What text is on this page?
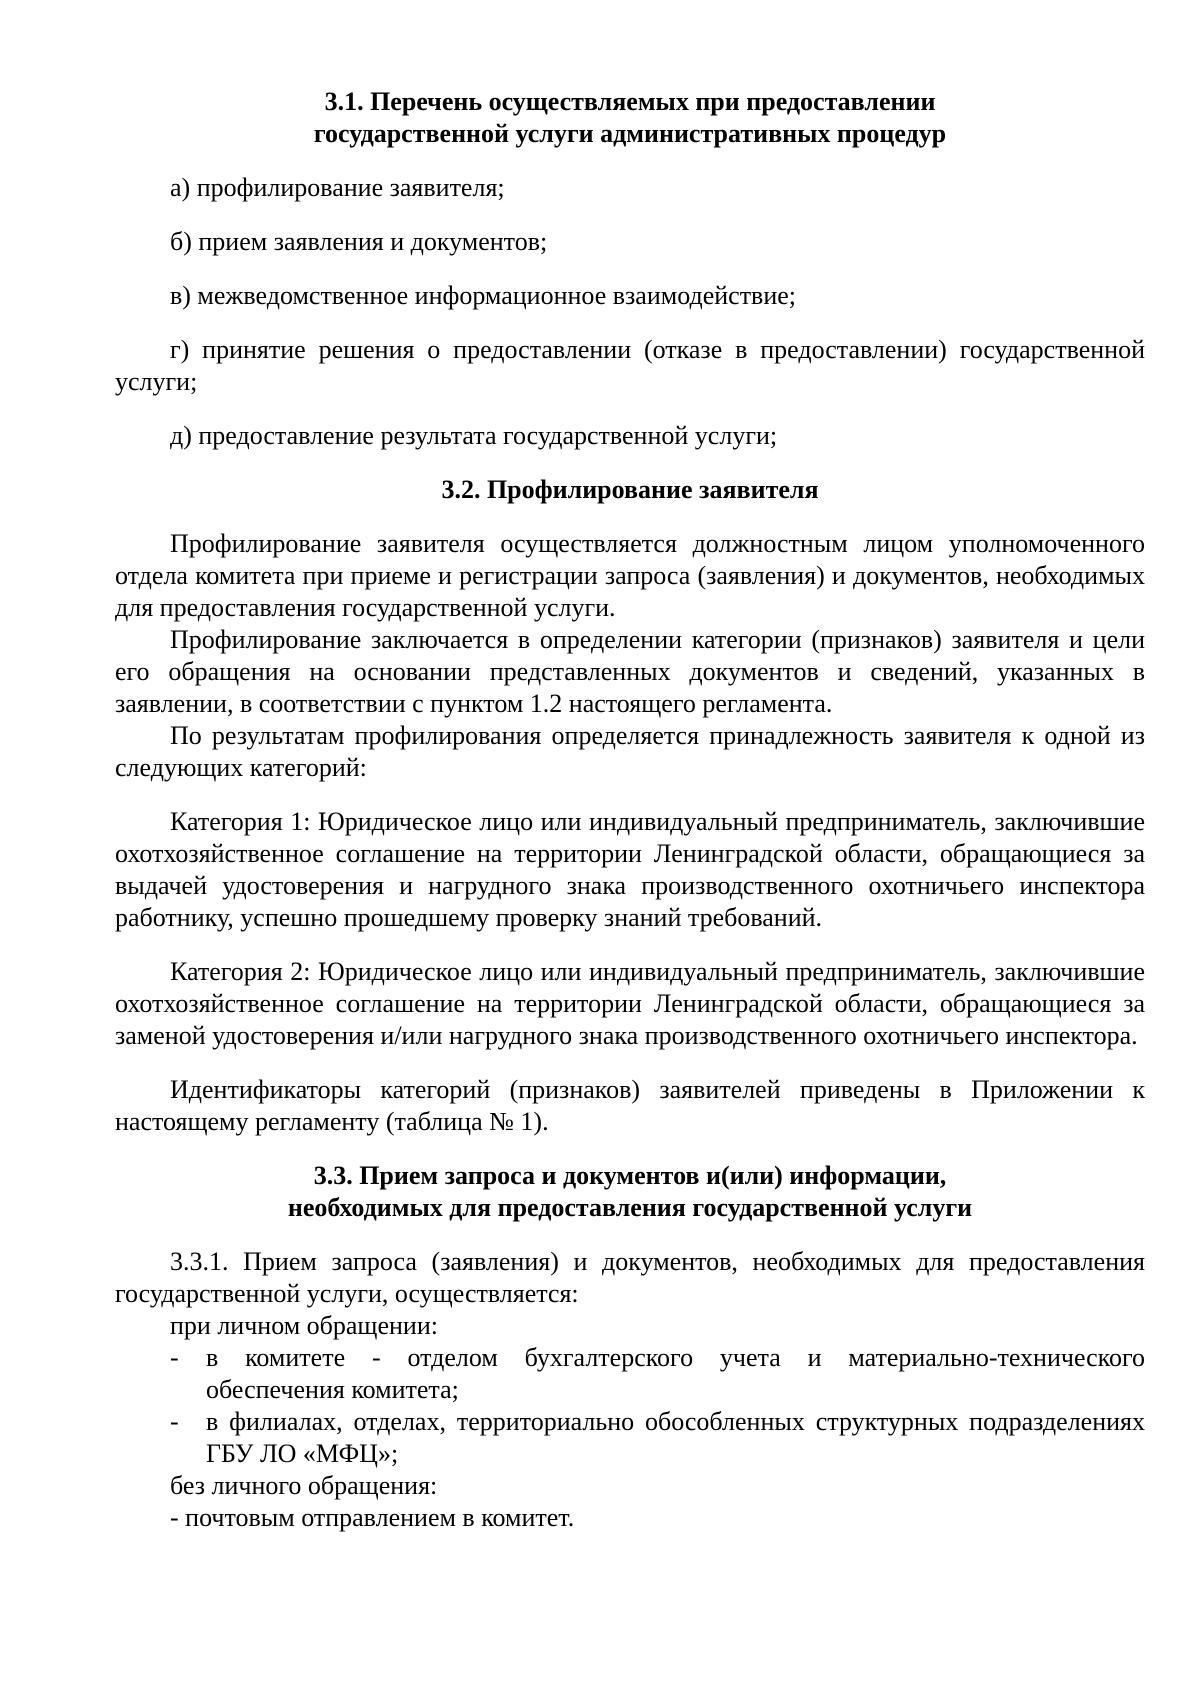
3.1. Перечень осуществляемых при предоставлении
государственной услуги административных процедур

а) профилирование заявителя;

б) прием заявления и документов;

в) межведомственное информационное взаимодействие;

г) принятие решения о предоставлении (отказе в предоставлении) государственной услуги;

д) предоставление результата государственной услуги;

3.2. Профилирование заявителя

Профилирование заявителя осуществляется должностным лицом уполномоченного отдела комитета при приеме и регистрации запроса (заявления) и документов, необходимых для предоставления государственной услуги.

Профилирование заключается в определении категории (признаков) заявителя и цели его обращения на основании представленных документов и сведений, указанных в заявлении, в соответствии с пунктом 1.2 настоящего регламента.

По результатам профилирования определяется принадлежность заявителя к одной из следующих категорий:

Категория 1: Юридическое лицо или индивидуальный предприниматель, заключившие охотхозяйственное соглашение на территории Ленинградской области, обращающиеся за выдачей удостоверения и нагрудного знака производственного охотничьего инспектора работнику, успешно прошедшему проверку знаний требований.

Категория 2: Юридическое лицо или индивидуальный предприниматель, заключившие охотхозяйственное соглашение на территории Ленинградской области, обращающиеся за заменой удостоверения и/или нагрудного знака производственного охотничьего инспектора.

Идентификаторы категорий (признаков) заявителей приведены в Приложении к настоящему регламенту (таблица № 1).

3.3. Прием запроса и документов и(или) информации,
необходимых для предоставления государственной услуги

3.3.1. Прием запроса (заявления) и документов, необходимых для предоставления государственной услуги, осуществляется:

при личном обращении:

- в комитете - отделом бухгалтерского учета и материально-технического обеспечения комитета;

- в филиалах, отделах, территориально обособленных структурных подразделениях ГБУ ЛО «МФЦ»;

без личного обращения:

- почтовым отправлением в комитет.
